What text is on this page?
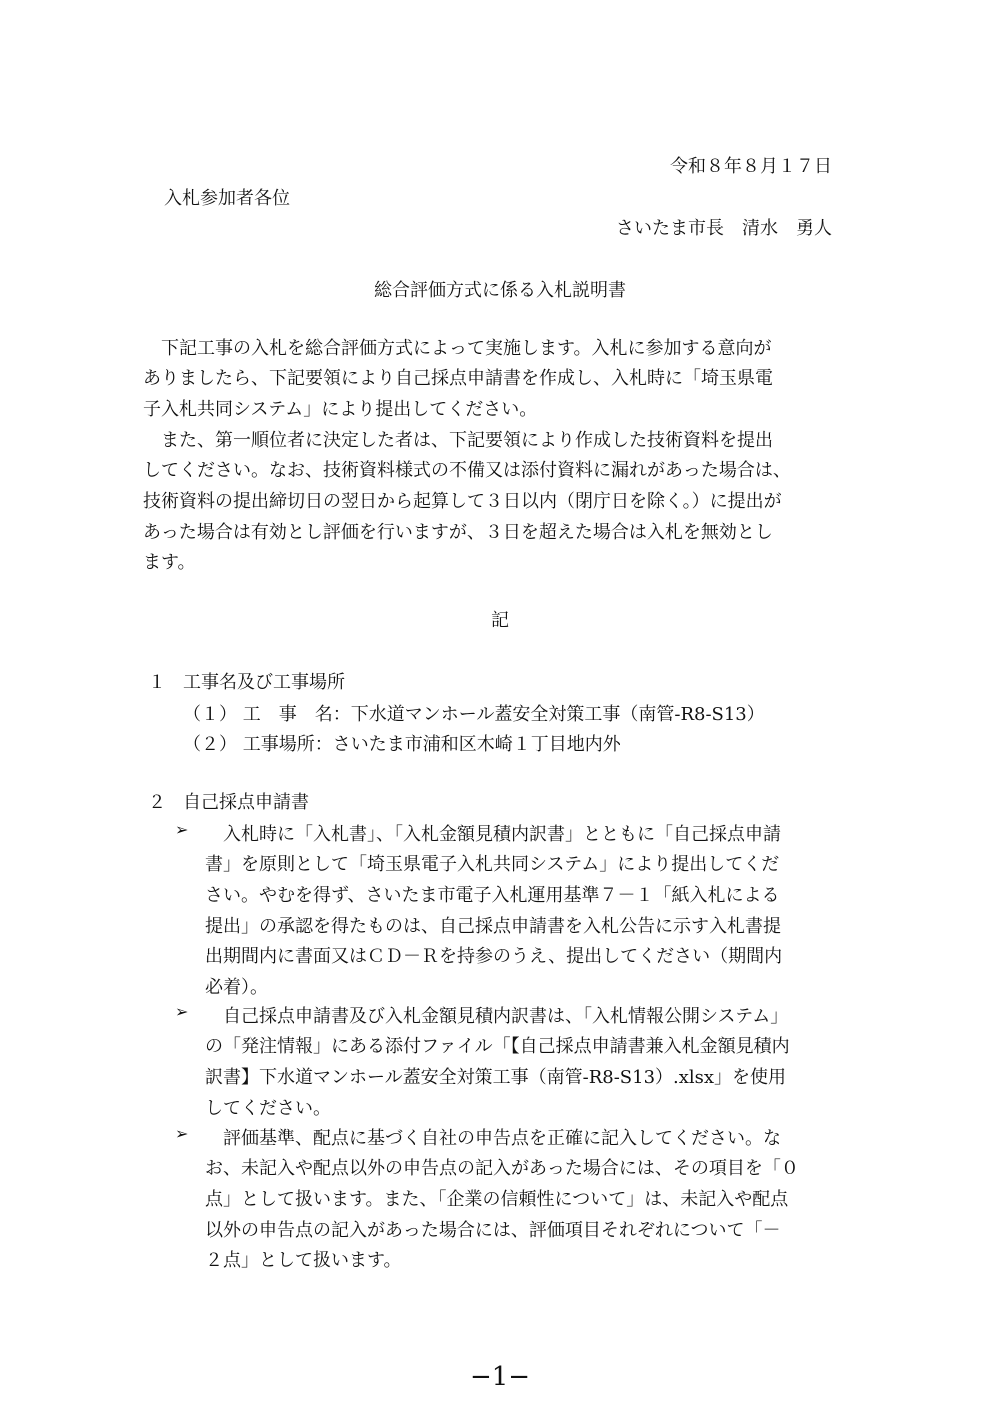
令和８年８月１７日
入札参加者各位
さいたま市長　清水　勇人
総合評価方式に係る入札説明書
　下記工事の入札を総合評価方式によって実施します。入札に参加する意向が
ありましたら、下記要領により自己採点申請書を作成し、入札時に「埼玉県電
子入札共同システム」により提出してください。
　また、第一順位者に決定した者は、下記要領により作成した技術資料を提出
してください。なお、技術資料様式の不備又は添付資料に漏れがあった場合は、
技術資料の提出締切日の翌日から起算して３日以内（閉庁日を除く。）に提出が
あった場合は有効とし評価を行いますが、３日を超えた場合は入札を無効とし
ます。
記
１ 工事名及び工事場所
（１） 工　事　名：下水道マンホール蓋安全対策工事（南管-R8-S13）
（２） 工事場所：さいたま市浦和区木崎１丁目地内外
２ 自己採点申請書
➢ 　入札時に「入札書」、「入札金額見積内訳書」とともに「自己採点申請
書」を原則として「埼玉県電子入札共同システム」により提出してくだ
さい。やむを得ず、さいたま市電子入札運用基準７－１「紙入札による
提出」の承認を得たものは、自己採点申請書を入札公告に示す入札書提
出期間内に書面又はＣＤ－Ｒを持参のうえ、提出してください（期間内
必着）。
➢ 　自己採点申請書及び入札金額見積内訳書は、「入札情報公開システム」
の「発注情報」にある添付ファイル「【自己採点申請書兼入札金額見積内
訳書】下水道マンホール蓋安全対策工事（南管-R8-S13）.xlsx」を使用
してください。
➢ 　評価基準、配点に基づく自社の申告点を正確に記入してください。な
お、未記入や配点以外の申告点の記入があった場合には、その項目を「０
点」として扱います。また、「企業の信頼性について」は、未記入や配点
以外の申告点の記入があった場合には、評価項目それぞれについて「－
２点」として扱います。
−1−
